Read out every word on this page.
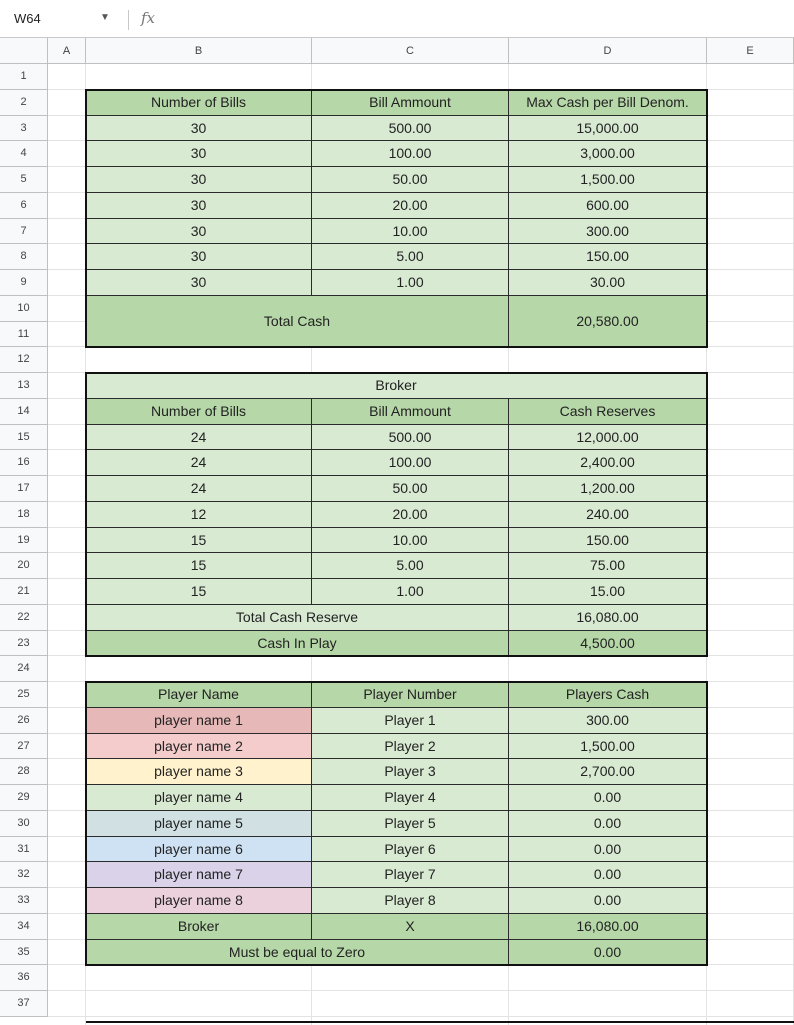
W64	▼ fx
A	B	C	D	E
1
2
3
4
5
6
7
8
9
10
11
12
13
14
15
16
17
18
19
20
21
22
23
24
25
26
27
28
29
30
31
32
33
34
35
36
37
Number of Bills	Bill Ammount	Max Cash per Bill Denom.
30	500.00	15,000.00
30	100.00	3,000.00
30	50.00	1,500.00
30	20.00	600.00
30	10.00	300.00
30	5.00	150.00
30	1.00	30.00
Total Cash	20,580.00
Broker
Number of Bills	Bill Ammount	Cash Reserves
24	500.00	12,000.00
24	100.00	2,400.00
24	50.00	1,200.00
12	20.00	240.00
15	10.00	150.00
15	5.00	75.00
15	1.00	15.00
Total Cash Reserve	16,080.00
Cash In Play	4,500.00
Player Name	Player Number	Players Cash
player name 1	Player 1	300.00
player name 2	Player 2	1,500.00
player name 3	Player 3	2,700.00
player name 4	Player 4	0.00
player name 5	Player 5	0.00
player name 6	Player 6	0.00
player name 7	Player 7	0.00
player name 8	Player 8	0.00
Broker	X	16,080.00
Must be equal to Zero	0.00
